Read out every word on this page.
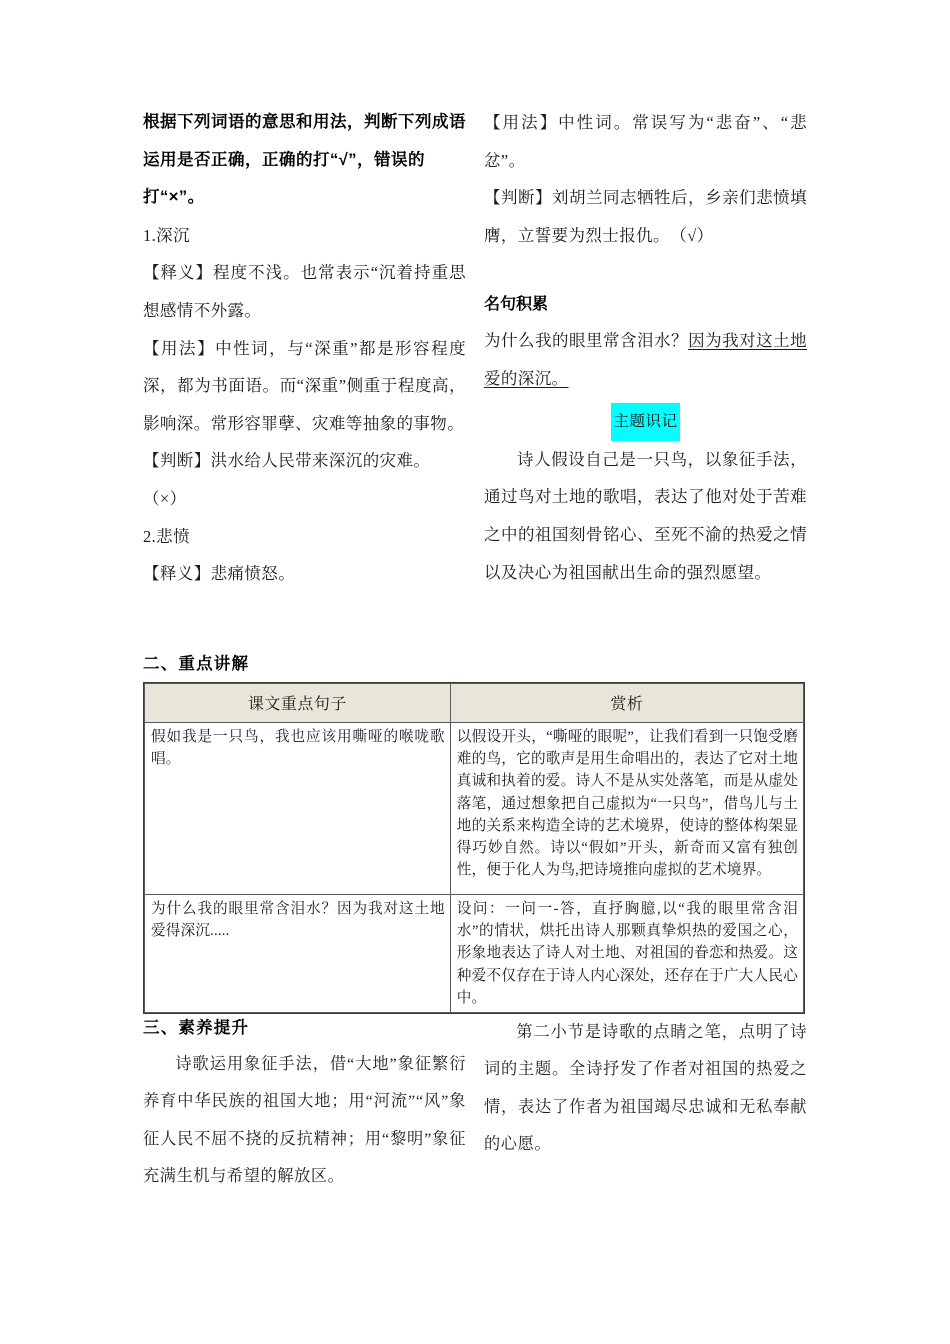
根据下列词语的意思和用法，判断下列成语运用是否正确，正确的打“√”，错误的打“×”。

1.深沉

【释义】程度不浅。也常表示“沉着持重思想感情不外露。

【用法】中性词，与“深重”都是形容程度深，都为书面语。而“深重”侧重于程度高，影响深。常形容罪孽、灾难等抽象的事物。

【判断】洪水给人民带来深沉的灾难。

（×）

2.悲愤

【释义】悲痛愤怒。

【用法】中性词。常误写为“悲奋”、“悲忿”。

【判断】刘胡兰同志牺牲后，乡亲们悲愤填膺，立誓要为烈士报仇。　（√）

名句积累

为什么我的眼里常含泪水？因为我对这土地爱的深沉。

主题识记

诗人假设自己是一只鸟，以象征手法，通过鸟对土地的歌唱，表达了他对处于苦难之中的祖国刻骨铭心、至死不渝的热爱之情以及决心为祖国献出生命的强烈愿望。

二、重点讲解
课文重点句子	赏析
假如我是一只鸟，我也应该用嘶哑的喉咙歌唱。	以假设开头，“嘶哑的眼呢”，让我们看到一只饱受磨难的鸟，它的歌声是用生命唱出的，表达了它对土地真诚和执着的爱。诗人不是从实处落笔，而是从虚处落笔，通过想象把自己虚拟为“一只鸟”，借鸟儿与土地的关系来构造全诗的艺术境界，使诗的整体构架显得巧妙自然。诗以“假如”开头，新奇而又富有独创性，便于化人为鸟,把诗境推向虚拟的艺术境界。
为什么我的眼里常含泪水？因为我对这土地爱得深沉.....	设问：一问一-答，直抒胸臆,以“我的眼里常含泪水”的情状，烘托出诗人那颗真挚炽热的爱国之心，形象地表达了诗人对土地、对祖国的眷恋和热爱。这种爱不仅存在于诗人内心深处，还存在于广大人民心中。
三、素养提升

诗歌运用象征手法，借“大地”象征繁衍养育中华民族的祖国大地；用“河流”“风”象征人民不屈不挠的反抗精神；用“黎明”象征充满生机与希望的解放区。

第二小节是诗歌的点睛之笔，点明了诗词的主题。全诗抒发了作者对祖国的热爱之情，表达了作者为祖国竭尽忠诚和无私奉献的心愿。
